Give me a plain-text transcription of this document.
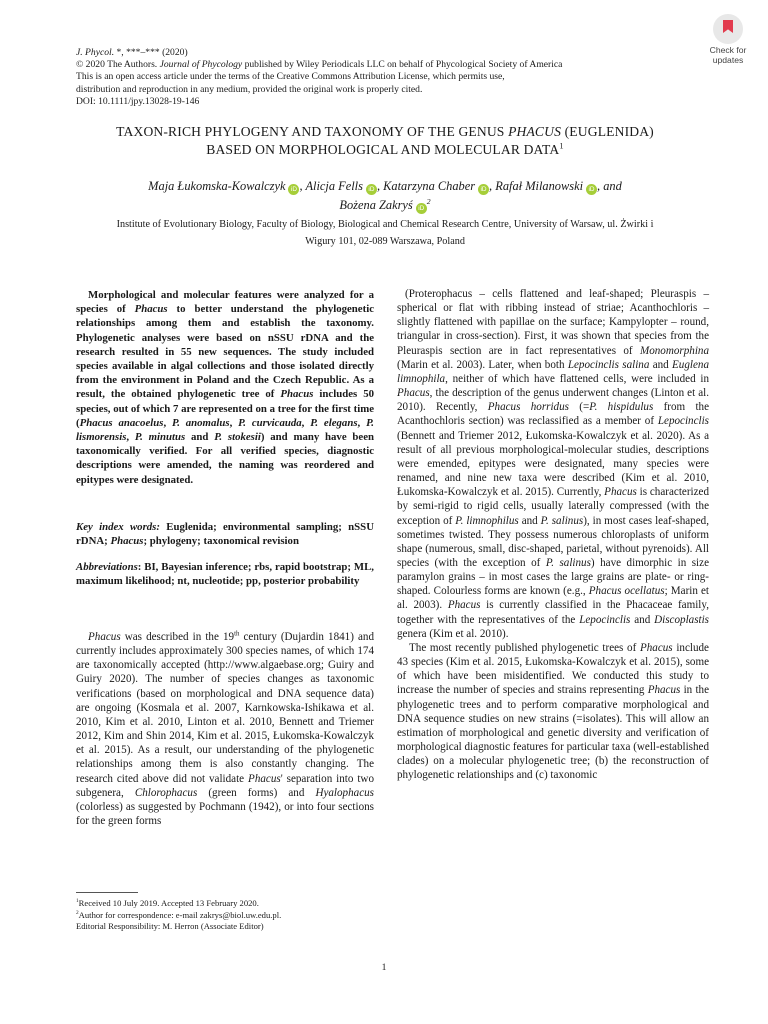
J. Phycol. *, ***–*** (2020)
© 2020 The Authors. Journal of Phycology published by Wiley Periodicals LLC on behalf of Phycological Society of America
This is an open access article under the terms of the Creative Commons Attribution License, which permits use,
distribution and reproduction in any medium, provided the original work is properly cited.
DOI: 10.1111/jpy.13028-19-146
Check for
updates
TAXON-RICH PHYLOGENY AND TAXONOMY OF THE GENUS PHACUS (EUGLENIDA)
BASED ON MORPHOLOGICAL AND MOLECULAR DATA$^1$
Maja Łukomska-Kowalczyk iD , Alicja Fells iD , Katarzyna Chaber iD , Rafał Milanowski iD , and
Bożena Zakryś $iD^2$
Institute of Evolutionary Biology, Faculty of Biology, Biological and Chemical Research Centre, University of Warsaw, ul. Żwirki i
Wigury 101, 02-089 Warszawa, Poland
Morphological and molecular features were analyzed for a species of Phacus to better understand the phylogenetic relationships among them and establish the taxonomy. Phylogenetic analyses were based on nSSU rDNA and the research resulted in 55 new sequences. The study included species available in algal collections and those isolated directly from the environment in Poland and the Czech Republic. As a result, the obtained phylogenetic tree of Phacus includes 50 species, out of which 7 are represented on a tree for the first time (Phacus anacoelus, P. anomalus, P. curvicauda, P. elegans, P. lismorensis, P. minutus and P. stokesii) and many have been taxonomically verified. For all verified species, diagnostic descriptions were amended, the naming was reordered and epitypes were designated.
Key index words: Euglenida; environmental sampling; nSSU rDNA; Phacus; phylogeny; taxonomical revision
Abbreviations: BI, Bayesian inference; rbs, rapid bootstrap; ML, maximum likelihood; nt, nucleotide; pp, posterior probability
Phacus was described in the 19th century (Dujardin 1841) and currently includes approximately 300 species names, of which 174 are taxonomically accepted (http://www.algaebase.org; Guiry and Guiry 2020). The number of species changes as taxonomic verifications (based on morphological and DNA sequence data) are ongoing (Kosmala et al. 2007, Karnkowska-Ishikawa et al. 2010, Kim et al. 2010, Linton et al. 2010, Bennett and Triemer 2012, Kim and Shin 2014, Kim et al. 2015, Łukomska-Kowalczyk et al. 2015). As a result, our understanding of the phylogenetic relationships among them is also constantly changing. The research cited above did not validate Phacus' separation into two subgenera, Chlorophacus (green forms) and Hyalophacus (colorless) as suggested by Pochmann (1942), or into four sections for the green forms
$^1$Received 10 July 2019. Accepted 13 February 2020.
$^2$Author for correspondence: e-mail zakrys@biol.uw.edu.pl.
Editorial Responsibility: M. Herron (Associate Editor)

(Proterophacus – cells flattened and leaf-shaped; Pleuraspis – spherical or flat with ribbing instead of striae; Acanthochloris – slightly flattened with papillae on the surface; Kampylopter – round, triangular in cross-section). First, it was shown that species from the Pleuraspis section are in fact representatives of Monomorphina (Marin et al. 2003). Later, when both Lepocinclis salina and Euglena limnophila, neither of which have flattened cells, were included in Phacus, the description of the genus underwent changes (Linton et al. 2010). Recently, Phacus horridus (=P. hispidulus from the Acanthochloris section) was reclassified as a member of Lepocinclis (Bennett and Triemer 2012, Łukomska-Kowalczyk et al. 2020). As a result of all previous morphological-molecular studies, descriptions were emended, epitypes were designated, many species were renamed, and nine new taxa were described (Kim et al. 2010, Łukomska-Kowalczyk et al. 2015). Currently, Phacus is characterized by semi-rigid to rigid cells, usually laterally compressed (with the exception of P. limnophilus and P. salinus), in most cases leaf-shaped, sometimes twisted. They possess numerous chloroplasts of uniform shape (numerous, small, disc-shaped, parietal, without pyrenoids). All species (with the exception of P. salinus) have dimorphic in size paramylon grains – in most cases the large grains are plate- or ring-shaped. Colourless forms are known (e.g., Phacus ocellatus; Marin et al. 2003). Phacus is currently classified in the Phacaceae family, together with the representatives of the Lepocinclis and Discoplastis genera (Kim et al. 2010).

The most recently published phylogenetic trees of Phacus include 43 species (Kim et al. 2015, Łukomska-Kowalczyk et al. 2015), some of which have been misidentified. We conducted this study to increase the number of species and strains representing Phacus in the phylogenetic trees and to perform comparative morphological and DNA sequence studies on new strains (=isolates). This will allow an estimation of morphological and genetic diversity and verification of morphological diagnostic features for particular taxa (well-established clades) on a molecular phylogenetic tree; (b) the reconstruction of phylogenetic relationships and (c) taxonomic

1
